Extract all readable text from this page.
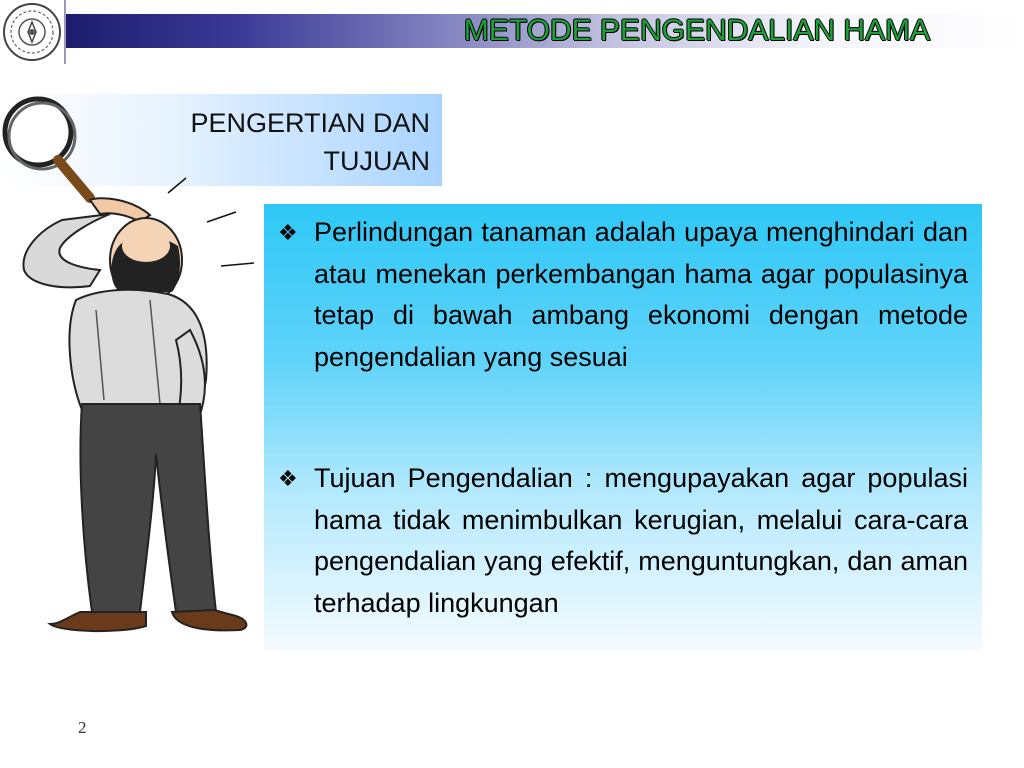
METODE PENGENDALIAN HAMA
PENGERTIAN DAN
TUJUAN
❖ Perlindungan tanaman adalah upaya menghindari dan atau menekan perkembangan hama agar populasinya tetap di bawah ambang ekonomi dengan metode pengendalian yang sesuai
❖ Tujuan Pengendalian : mengupayakan agar populasi hama tidak menimbulkan kerugian, melalui cara-cara pengendalian yang efektif, menguntungkan, dan aman terhadap lingkungan
2
